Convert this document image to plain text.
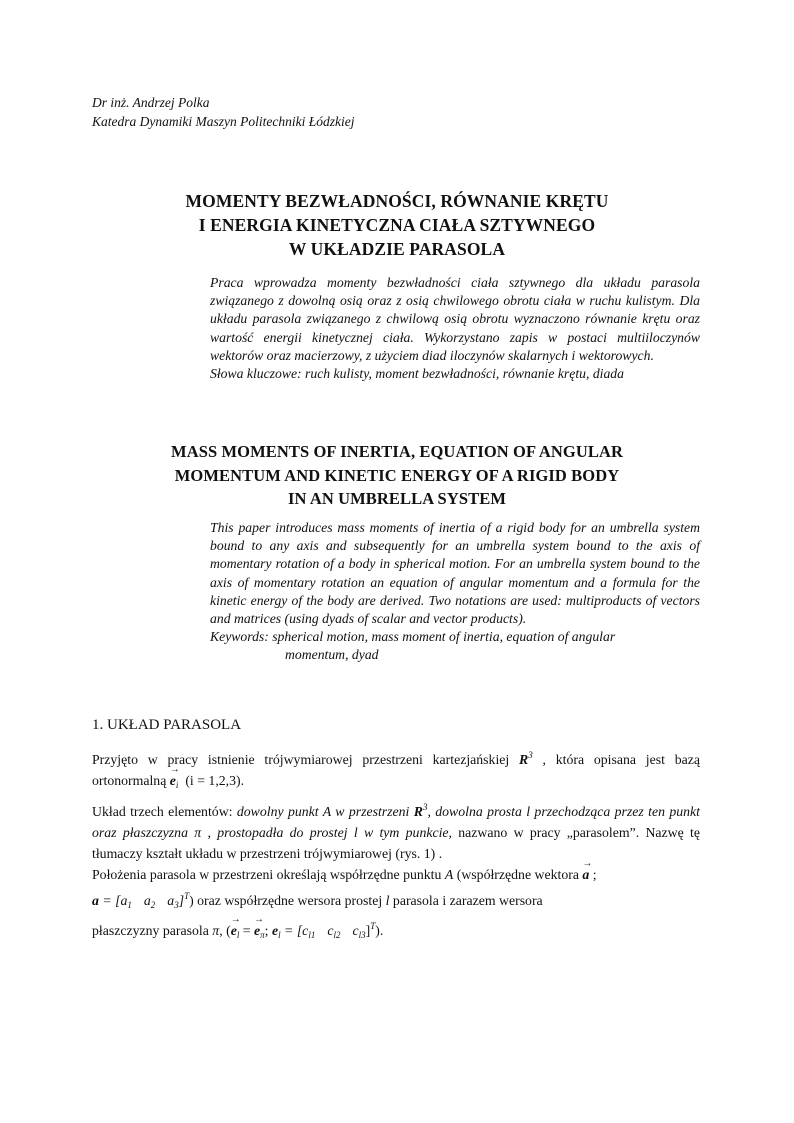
Dr inż. Andrzej Polka
Katedra Dynamiki Maszyn Politechniki Łódzkiej
MOMENTY BEZWŁADNOŚCI, RÓWNANIE KRĘTU
I ENERGIA KINETYCZNA CIAŁA SZTYWNEGO
W UKŁADZIE PARASOLA

Praca wprowadza momenty bezwładności ciała sztywnego dla układu parasola związanego z dowolną osią oraz z osią chwilowego obrotu ciała w ruchu kulistym. Dla układu parasola związanego z chwilową osią obrotu wyznaczono równanie krętu oraz wartość energii kinetycznej ciała. Wykorzystano zapis w postaci multiiloczynów wektorów oraz macierzowy, z użyciem diad iloczynów skalarnych i wektorowych.

Słowa kluczowe: ruch kulisty, moment bezwładności, równanie krętu, diada

MASS MOMENTS OF INERTIA, EQUATION OF ANGULAR
MOMENTUM AND KINETIC ENERGY OF A RIGID BODY
IN AN UMBRELLA SYSTEM

This paper introduces mass moments of inertia of a rigid body for an umbrella system bound to any axis and subsequently for an umbrella system bound to the axis of momentary rotation of a body in spherical motion. For an umbrella system bound to the axis of momentary rotation an equation of angular momentum and a formula for the kinetic energy of the body are derived. Two notations are used: multiproducts of vectors and matrices (using dyads of scalar and vector products).

Keywords: spherical motion, mass moment of inertia, equation of angular

momentum, dyad

1. UKŁAD PARASOLA

Przyjęto w pracy istnienie trójwymiarowej przestrzeni kartezjańskiej $R^3$ , która opisana jest bazą ortonormalną → $e_i$ (i = 1,2,3).

Układ trzech elementów: dowolny punkt A w przestrzeni $R^3$, dowolna prosta l przechodząca przez ten punkt oraz płaszczyzna π , prostopadła do prostej l w tym punkcie, nazwano w pracy „parasolem”. Nazwę tę tłumaczy kształt układu w przestrzeni trójwymiarowej (rys. 1) .

Położenia parasola w przestrzeni określają współrzędne punktu A (współrzędne wektora → a ;
$a = [a_1$ $a_2$ $a_3]^T$) oraz współrzędne wersora prostej l parasola i zarazem wersora
płaszczyzny parasola π, (→ $e_l$ = → $e_\pi$; $e_l = [c_{l1}$ $c_{l2}$ $c_{l3}]^T$).
